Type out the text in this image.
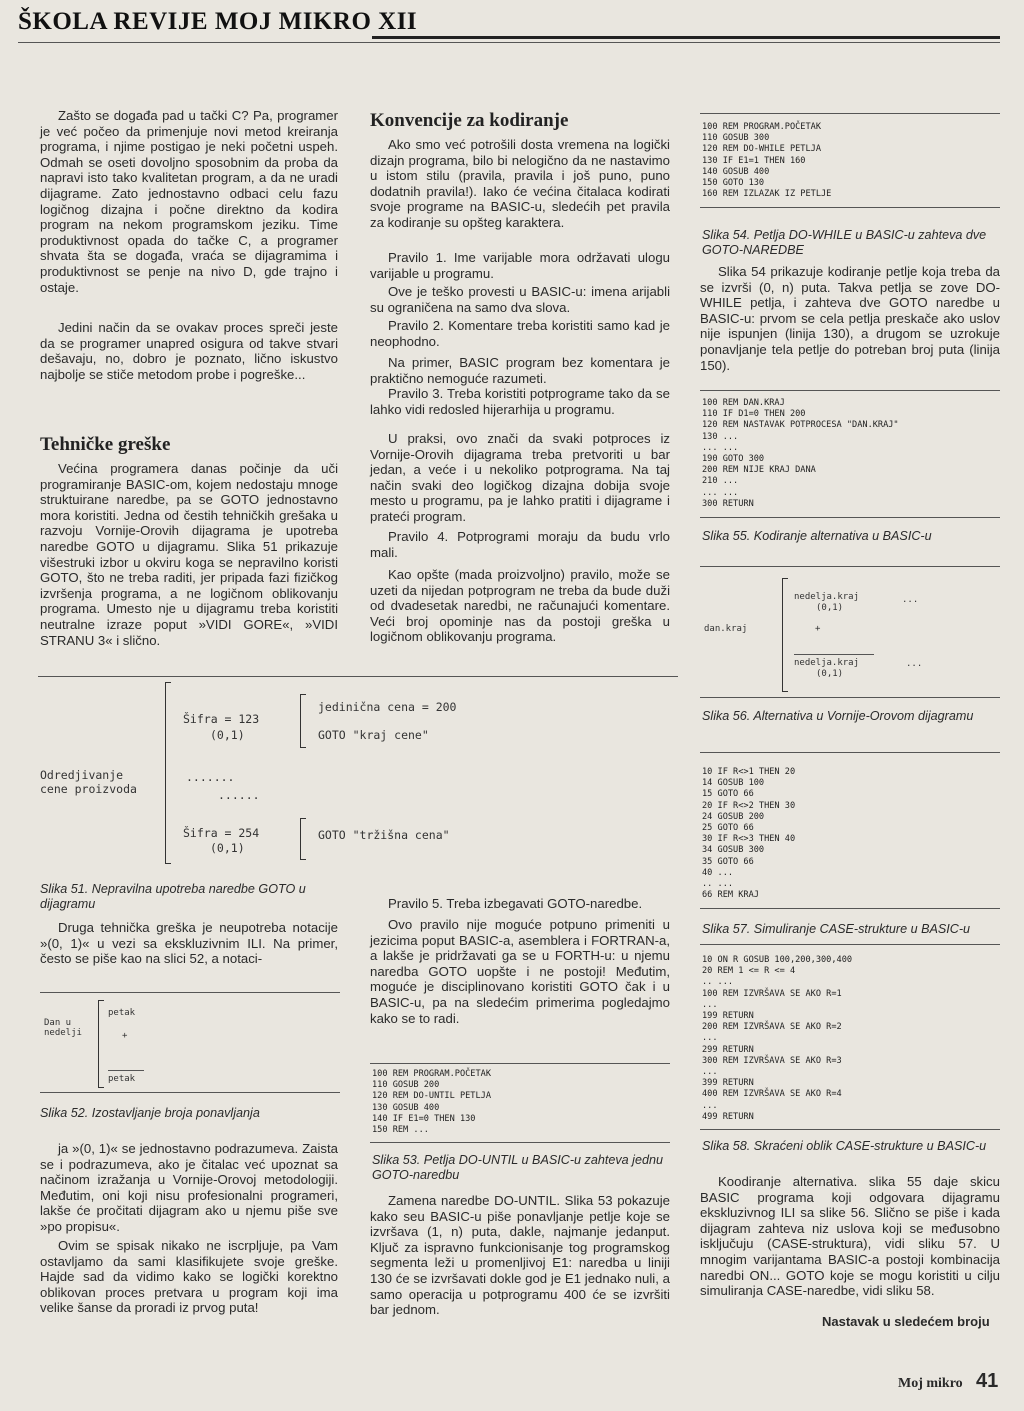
ŠKOLA REVIJE MOJ MIKRO XII

Zašto se događa pad u tački C? Pa, programer je već počeo da primenjuje novi metod kreiranja programa, i njime postigao je neki početni uspeh. Odmah se oseti dovoljno sposobnim da proba da napravi isto tako kvalitetan program, a da ne uradi dijagrame. Zato jednostavno odbaci celu fazu logičnog dizajna i počne direktno da kodira program na nekom programskom jeziku. Time produktivnost opada do tačke C, a programer shvata šta se događa, vraća se dijagramima i produktivnost se penje na nivo D, gde trajno i ostaje.

Jedini način da se ovakav proces spreči jeste da se programer unapred osigura od takve stvari dešavaju, no, dobro je poznato, lično iskustvo najbolje se stiče metodom probe i pogreške...

Tehničke greške

Većina programera danas počinje da uči programiranje BASIC-om, kojem nedostaju mnoge struktuirane naredbe, pa se GOTO jednostavno mora koristiti. Jedna od čestih tehničkih grešaka u razvoju Vornije-Orovih dijagrama je upotreba naredbe GOTO u dijagramu. Slika 51 prikazuje višestruki izbor u okviru koga se nepravilno koristi GOTO, što ne treba raditi, jer pripada fazi fizičkog izvršenja programa, a ne logičnom oblikovanju programa. Umesto nje u dijagramu treba koristiti neutralne izraze poput »VIDI GORE«, »VIDI STRANU 3« i slično.

Konvencije za kodiranje

Ako smo već potrošili dosta vremena na logički dizajn programa, bilo bi nelogično da ne nastavimo u istom stilu (pravila, pravila i još puno, puno dodatnih pravila!). Iako će većina čitalaca kodirati svoje programe na BASIC-u, sledećih pet pravila za kodiranje su opšteg karaktera.

Pravilo 1. Ime varijable mora održavati ulogu varijable u programu.

Ove je teško provesti u BASIC-u: imena arijabli su ograničena na samo dva slova.

Pravilo 2. Komentare treba koristiti samo kad je neophodno.

Na primer, BASIC program bez komentara je praktično nemoguće razumeti.

Pravilo 3. Treba koristiti potprograme tako da se lahko vidi redosled hijerarhija u programu.

U praksi, ovo znači da svaki potproces iz Vornije-Orovih dijagrama treba pretvoriti u bar jedan, a veće i u nekoliko potprograma. Na taj način svaki deo logičkog dizajna dobija svoje mesto u programu, pa je lahko pratiti i dijagrame i prateći program.

Pravilo 4. Potprogrami moraju da budu vrlo mali.

Kao opšte (mada proizvoljno) pravilo, može se uzeti da nijedan potprogram ne treba da bude duži od dvadesetak naredbi, ne računajući komentare. Veći broj opominje nas da postoji greška u logičnom oblikovanju programa.

100 REM PROGRAM.POČETAK
110 GOSUB 300
120 REM DO-WHILE PETLJA
130 IF E1=1 THEN 160
140 GOSUB 400
150 GOTO 130
160 REM IZLAZAK IZ PETLJE
Slika 54. Petlja DO-WHILE u BASIC-u zahteva dve GOTO-NAREDBE

Slika 54 prikazuje kodiranje petlje koja treba da se izvrši (0, n) puta. Takva petlja se zove DO-WHILE petlja, i zahteva dve GOTO naredbe u BASIC-u: prvom se cela petlja preskače ako uslov nije ispunjen (linija 130), a drugom se uzrokuje ponavljanje tela petlje do potreban broj puta (linija 150).

100 REM DAN.KRAJ
110 IF D1=0 THEN 200
120 REM NASTAVAK POTPROCESA "DAN.KRAJ"
130 ...
... ...
190 GOTO 300
200 REM NIJE KRAJ DANA
210 ...
... ...
300 RETURN
Slika 55. Kodiranje alternativa u BASIC-u
dan.kraj
nedelja.kraj
(0,1)
...
+
nedelja.kraj
(0,1)
...
Slika 56. Alternativa u Vornije-Orovom dijagramu
10 IF R<>1 THEN 20
14 GOSUB 100
15 GOTO 66
20 IF R<>2 THEN 30
24 GOSUB 200
25 GOTO 66
30 IF R<>3 THEN 40
34 GOSUB 300
35 GOTO 66
40 ...
.. ...
66 REM KRAJ
Slika 57. Simuliranje CASE-strukture u BASIC-u
10 ON R GOSUB 100,200,300,400
20 REM 1 <= R <= 4
.. ...
100 REM IZVRŠAVA SE AKO R=1
...
199 RETURN
200 REM IZVRŠAVA SE AKO R=2
...
299 RETURN
300 REM IZVRŠAVA SE AKO R=3
...
399 RETURN
400 REM IZVRŠAVA SE AKO R=4
...
499 RETURN
Slika 58. Skraćeni oblik CASE-strukture u BASIC-u

Koodiranje alternativa. slika 55 daje skicu BASIC programa koji odgovara dijagramu ekskluzivnog ILI sa slike 56. Slično se piše i kada dijagram zahteva niz uslova koji se međusobno isključuju (CASE-struktura), vidi sliku 57. U mnogim varijantama BASIC-a postoji kombinacija naredbi ON... GOTO koje se mogu koristiti u cilju simuliranja CASE-naredbe, vidi sliku 58.

Nastavak u sledećem broju
Odredjivanje
cene proizvoda
Šifra = 123
(0,1)
jedinična cena = 200
GOTO "kraj cene"
.......
......
Šifra = 254
(0,1)
GOTO "tržišna cena"
Slika 51. Nepravilna upotreba naredbe GOTO u dijagramu

Druga tehnička greška je neupotreba notacije »(0, 1)« u vezi sa ekskluzivnim ILI. Na primer, često se piše kao na slici 52, a notaci-

Dan u
nedelji
petak
+
petak
Slika 52. Izostavljanje broja ponavljanja

ja »(0, 1)« se jednostavno podrazumeva. Zaista se i podrazumeva, ako je čitalac već upoznat sa načinom izražanja u Vornije-Orovoj metodologiji. Međutim, oni koji nisu profesionalni programeri, lakše će pročitati dijagram ako u njemu piše sve »po propisu«.

Ovim se spisak nikako ne iscrpljuje, pa Vam ostavljamo da sami klasifikujete svoje greške. Hajde sad da vidimo kako se logički korektno oblikovan proces pretvara u program koji ima velike šanse da proradi iz prvog puta!

Pravilo 5. Treba izbegavati GOTO-naredbe.

Ovo pravilo nije moguće potpuno primeniti u jezicima poput BASIC-a, asemblera i FORTRAN-a, a lakše je pridržavati ga se u FORTH-u: u njemu naredba GOTO uopšte i ne postoji! Međutim, moguće je disciplinovano koristiti GOTO čak i u BASIC-u, pa na sledećim primerima pogledajmo kako se to radi.

100 REM PROGRAM.POČETAK
110 GOSUB 200
120 REM DO-UNTIL PETLJA
130 GOSUB 400
140 IF E1=0 THEN 130
150 REM ...
Slika 53. Petlja DO-UNTIL u BASIC-u zahteva jednu GOTO-naredbu

Zamena naredbe DO-UNTIL. Slika 53 pokazuje kako seu BASIC-u piše ponavljanje petlje koje se izvršava (1, n) puta, dakle, najmanje jedanput. Ključ za ispravno funkcionisanje tog programskog segmenta leži u promenljivoj E1: naredba u liniji 130 će se izvršavati dokle god je E1 jednako nuli, a samo operacija u potprogramu 400 će se izvršiti bar jednom.

Moj mikro 41
